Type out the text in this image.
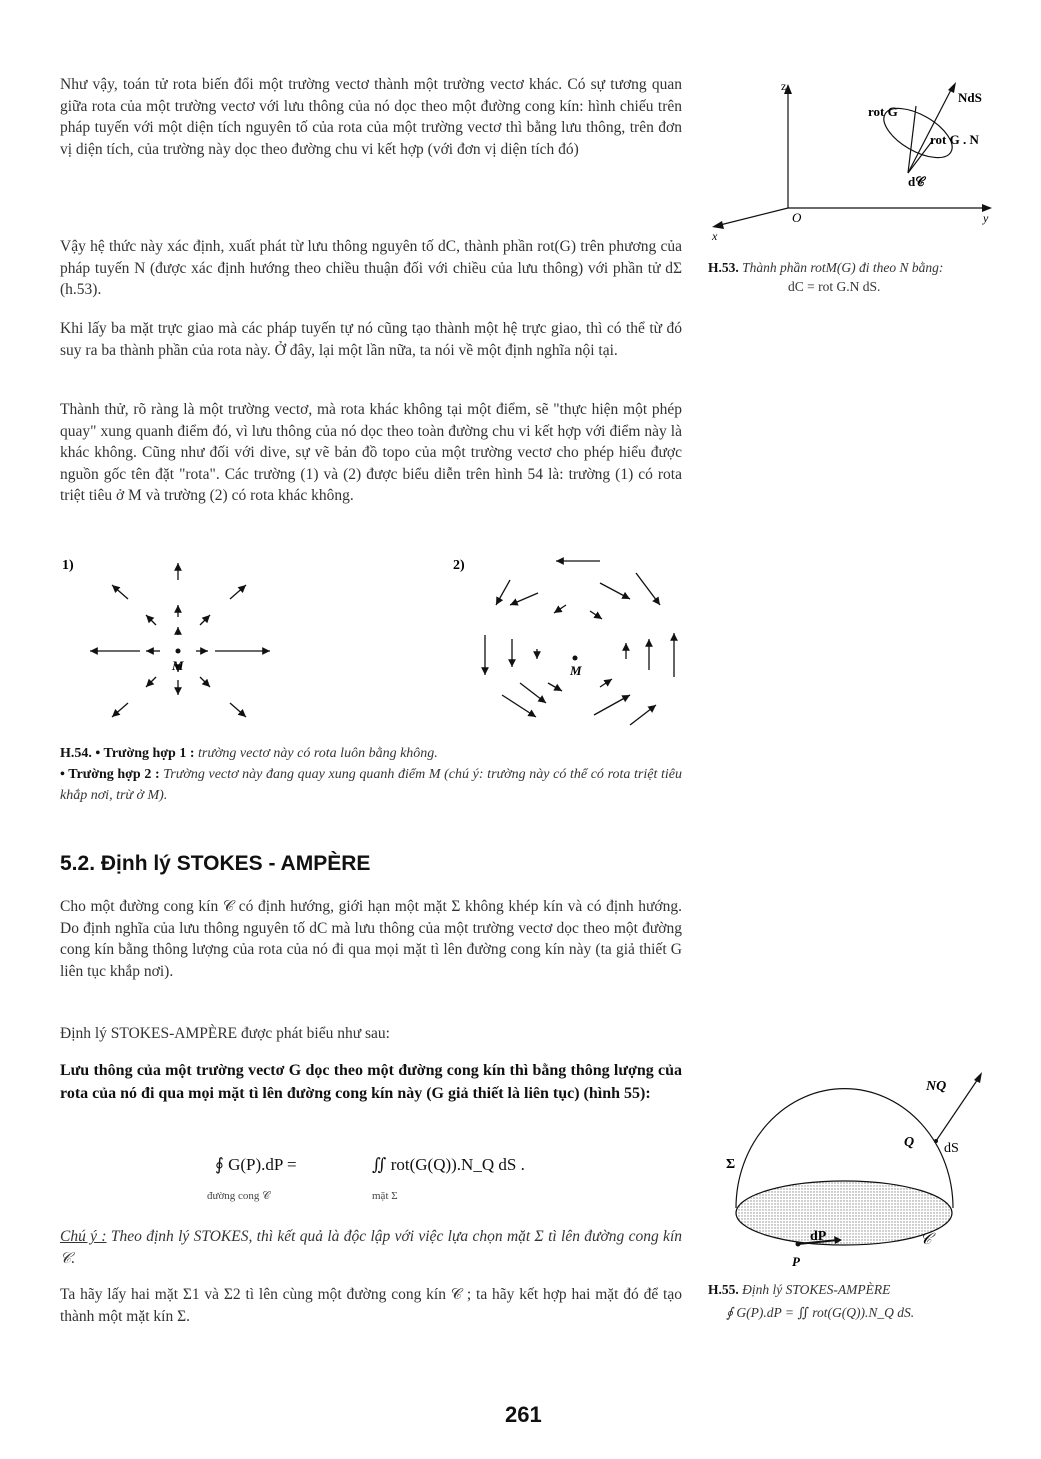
Như vậy, toán tử rota biến đổi một trường vectơ thành một trường vectơ khác. Có sự tương quan giữa rota của một trường vectơ với lưu thông của nó dọc theo một đường cong kín: hình chiếu trên pháp tuyến với một diện tích nguyên tố của rota của một trường vectơ thì bằng lưu thông, trên đơn vị diện tích, của trường này dọc theo đường chu vi kết hợp (với đơn vị diện tích đó)
Vậy hệ thức này xác định, xuất phát từ lưu thông nguyên tố dC, thành phần rot(G) trên phương của pháp tuyến N (được xác định hướng theo chiều thuận đối với chiều của lưu thông) với phần tử dΣ (h.53).
Khi lấy ba mặt trực giao mà các pháp tuyến tự nó cũng tạo thành một hệ trực giao, thì có thể từ đó suy ra ba thành phần của rota này. Ở đây, lại một lần nữa, ta nói về một định nghĩa nội tại.
Thành thử, rõ ràng là một trường vectơ, mà rota khác không tại một điểm, sẽ "thực hiện một phép quay" xung quanh điểm đó, vì lưu thông của nó dọc theo toàn đường chu vi kết hợp với điểm này là khác không. Cũng như đối với dive, sự vẽ bản đồ topo của một trường vectơ cho phép hiểu được nguồn gốc tên đặt "rota". Các trường (1) và (2) được biểu diễn trên hình 54 là: trường (1) có rota triệt tiêu ở M và trường (2) có rota khác không.
z
y
x
O
NdS
rot G
rot G . N
d𝒞
H.53. Thành phần rotM(G) đi theo N bằng:
dC = rot G.N dS.
1)	2)
M	M
H.54. • Trường hợp 1 : trường vectơ này có rota luôn bằng không.
• Trường hợp 2 : Trường vectơ này đang quay xung quanh điểm M (chú ý: trường này có thể có rota triệt tiêu khắp nơi, trừ ở M).
5.2. Định lý STOKES - AMPÈRE
Cho một đường cong kín 𝒞 có định hướng, giới hạn một mặt Σ không khép kín và có định hướng. Do định nghĩa của lưu thông nguyên tố dC mà lưu thông của một trường vectơ dọc theo một đường cong kín bằng thông lượng của rota của nó đi qua mọi mặt tì lên đường cong kín này (ta giả thiết G liên tục khắp nơi).
Định lý STOKES-AMPÈRE được phát biểu như sau:
Lưu thông của một trường vectơ G dọc theo một đường cong kín thì bằng thông lượng của rota của nó đi qua mọi mặt tì lên đường cong kín này (G giả thiết là liên tục) (hình 55):
∮ G(P).dP =	∬ rot(G(Q)).N_Q dS .
đường cong 𝒞	mặt Σ
Chú ý : Theo định lý STOKES, thì kết quả là độc lập với việc lựa chọn mặt Σ tì lên đường cong kín 𝒞.
Ta hãy lấy hai mặt Σ1 và Σ2 tì lên cùng một đường cong kín 𝒞 ; ta hãy kết hợp hai mặt đó để tạo thành một mặt kín Σ.
NQ
Q dS
Σ
dP	𝒞
P
H.55. Định lý STOKES-AMPÈRE
∮ G(P).dP = ∬ rot(G(Q)).N_Q dS.
261
